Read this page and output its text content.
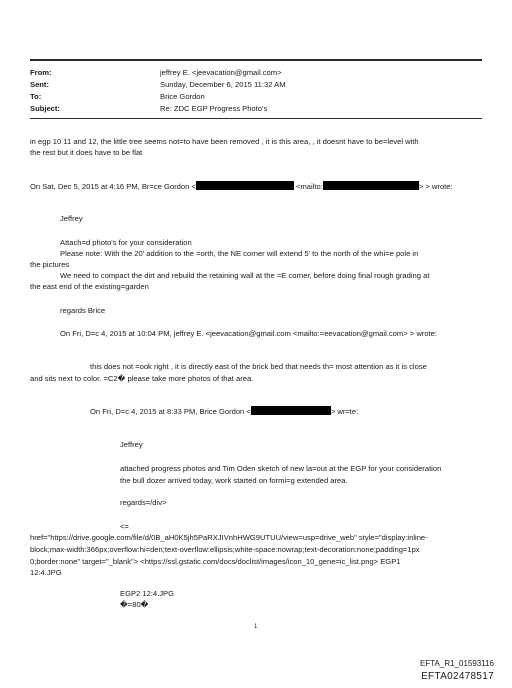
From:	jeffrey E. <jeevacation@gmail.com>
Sent:	Sunday, December 6, 2015 11:32 AM
To:	Brice Gordon
Subject:	Re: ZDC EGP Progress Photo's
in egp 10 11 and 12, the little tree seems not=to have been removed , it is this area, , it doesnt have to be=level with
the rest but it does have to be flat
On Sat, Dec 5, 2015 at 4:16 PM, Br=ce Gordon <	<mailto:	> > wrote:
Jeffrey
Attach=d photo's for your consideration
Please note: With the 20' addition to the =orth, the NE corner will extend 5' to the north of the whi=e pole in
the pictures
We need to compact the dirt and rebuild the retaining wall at the =E corner, before doing final rough grading at
the east end of the existing=garden
regards Brice
On Fri, D=c 4, 2015 at 10:04 PM, jeffrey E. <jeevacation@gmail.com <mailto:=eevacation@gmail.com> > wrote:
this does not =ook right , it is directly east of the brick bed that needs th= most attention as it is close
and sits next to color. =C2� please take more photos of that area.
On Fri, D=c 4, 2015 at 8:33 PM, Brice Gordon <	> wr=te:
Jeffrey
attached progress photos and Tim Oden sketch of new la=out at the EGP for your consideration
the bull dozer arrived today, work started on formi=g extended area.
regards=/div>
<=
href="https://drive.google.com/file/d/0B_aH0K5jh5PaRXJIVnhHWG9UTUU/view=usp=drive_web" style="display:inline-
block;max-width:366px;overflow:hi=den;text-overflow:ellipsis;white-space:nowrap;text-decoration:none;padding=1px
0;border:none" target="_blank"> <https://ssl.gstatic.com/docs/doclist/images/icon_10_gene=ic_list.png> EGP1
12:4.JPG
EGP2 12:4.JPG
�=80�
1
EFTA_R1_01593116
EFTA02478517
